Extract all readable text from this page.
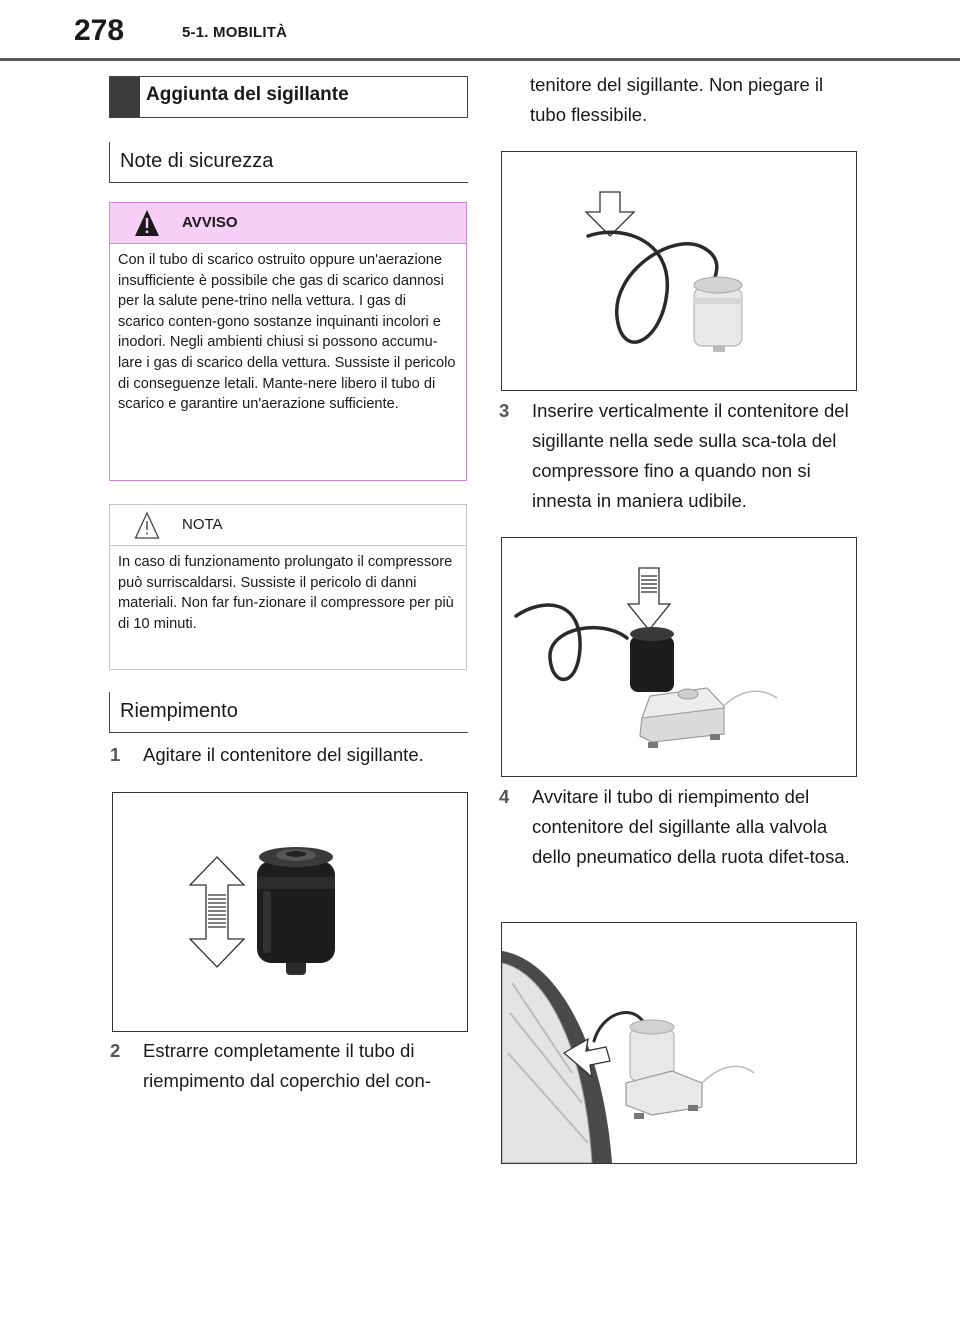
278	5-1. MOBILITÀ
Aggiunta del sigillante
Note di sicurezza
AVVISO
Con il tubo di scarico ostruito oppure un'aerazione insufficiente è possibile che gas di scarico dannosi per la salute pene-trino nella vettura. I gas di scarico conten-gono sostanze inquinanti incolori e inodori. Negli ambienti chiusi si possono accumu-lare i gas di scarico della vettura. Sussiste il pericolo di conseguenze letali. Mante-nere libero il tubo di scarico e garantire un'aerazione sufficiente.
NOTA
In caso di funzionamento prolungato il compressore può surriscaldarsi. Sussiste il pericolo di danni materiali. Non far fun-zionare il compressore per più di 10 minuti.
Riempimento
1 Agitare il contenitore del sigillante.
2 Estrarre completamente il tubo di riempimento dal coperchio del con-
tenitore del sigillante. Non piegare il tubo flessibile.
3 Inserire verticalmente il contenitore del sigillante nella sede sulla sca-tola del compressore fino a quando non si innesta in maniera udibile.
4 Avvitare il tubo di riempimento del contenitore del sigillante alla valvola dello pneumatico della ruota difet-tosa.
